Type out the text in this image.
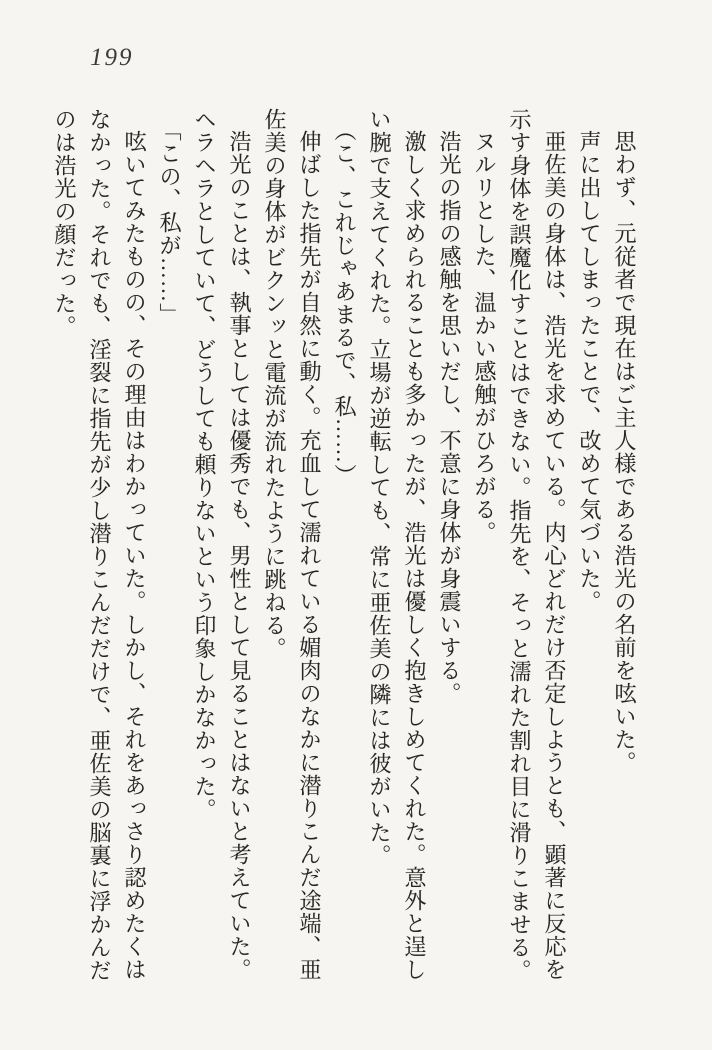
199

思わず、元従者で現在はご主人様である浩光の名前を呟いた。

声に出してしまったことで、改めて気づいた。

亜佐美の身体は、浩光を求めている。内心どれだけ否定しようとも、顕著に反応を示す身体を誤魔化すことはできない。指先を、そっと濡れた割れ目に滑りこませる。

ヌルリとした、温かい感触がひろがる。

浩光の指の感触を思いだし、不意に身体が身震いする。

激しく求められることも多かったが、浩光は優しく抱きしめてくれた。意外と逞しい腕で支えてくれた。立場が逆転しても、常に亜佐美の隣には彼がいた。

（こ、これじゃあまるで、私……）

伸ばした指先が自然に動く。充血して濡れている媚肉のなかに潜りこんだ途端、亜佐美の身体がビクンッと電流が流れたように跳ねる。

浩光のことは、執事としては優秀でも、男性として見ることはないと考えていた。ヘラヘラとしていて、どうしても頼りないという印象しかなかった。

「この、私が……」

呟いてみたものの、その理由はわかっていた。しかし、それをあっさり認めたくはなかった。それでも、淫裂に指先が少し潜りこんだだけで、亜佐美の脳裏に浮かんだのは浩光の顔だった。
